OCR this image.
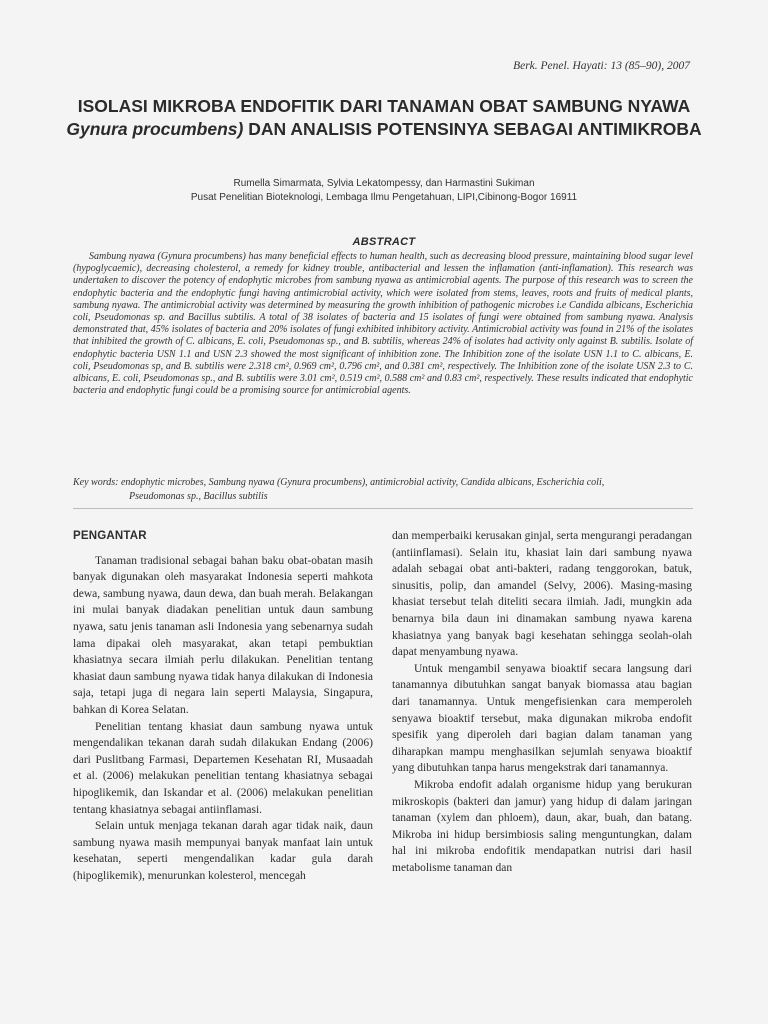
Berk. Penel. Hayati: 13 (85–90), 2007
ISOLASI MIKROBA ENDOFITIK DARI TANAMAN OBAT SAMBUNG NYAWA Gynura procumbens) DAN ANALISIS POTENSINYA SEBAGAI ANTIMIKROBA
Rumella Simarmata, Sylvia Lekatompessy, dan Harmastini Sukiman
Pusat Penelitian Bioteknologi, Lembaga Ilmu Pengetahuan, LIPI,Cibinong-Bogor 16911
ABSTRACT

Sambung nyawa (Gynura procumbens) has many beneficial effects to human health, such as decreasing blood pressure, maintaining blood sugar level (hypoglycaemic), decreasing cholesterol, a remedy for kidney trouble, antibacterial and lessen the inflamation (anti-inflamation). This research was undertaken to discover the potency of endophytic microbes from sambung nyawa as antimicrobial agents. The purpose of this research was to screen the endophytic bacteria and the endophytic fungi having antimicrobial activity, which were isolated from stems, leaves, roots and fruits of medical plants, sambung nyawa. The antimicrobial activity was determined by measuring the growth inhibition of pathogenic microbes i.e Candida albicans, Escherichia coli, Pseudomonas sp. and Bacillus subtilis. A total of 38 isolates of bacteria and 15 isolates of fungi were obtained from sambung nyawa. Analysis demonstrated that, 45% isolates of bacteria and 20% isolates of fungi exhibited inhibitory activity. Antimicrobial activity was found in 21% of the isolates that inhibited the growth of C. albicans, E. coli, Pseudomonas sp., and B. subtilis, whereas 24% of isolates had activity only against B. subtilis. Isolate of endophytic bacteria USN 1.1 and USN 2.3 showed the most significant of inhibition zone. The Inhibition zone of the isolate USN 1.1 to C. albicans, E. coli, Pseudomonas sp, and B. subtilis were 2.318 cm², 0.969 cm², 0.796 cm², and 0.381 cm², respectively. The Inhibition zone of the isolate USN 2.3 to C. albicans, E. coli, Pseudomonas sp., and B. subtilis were 3.01 cm², 0.519 cm², 0.588 cm² and 0.83 cm², respectively. These results indicated that endophytic bacteria and endophytic fungi could be a promising source for antimicrobial agents.

Key words: endophytic microbes, Sambung nyawa (Gynura procumbens), antimicrobial activity, Candida albicans, Escherichia coli,
Pseudomonas sp., Bacillus subtilis

PENGANTAR

Tanaman tradisional sebagai bahan baku obat-obatan masih banyak digunakan oleh masyarakat Indonesia seperti mahkota dewa, sambung nyawa, daun dewa, dan buah merah. Belakangan ini mulai banyak diadakan penelitian untuk daun sambung nyawa, satu jenis tanaman asli Indonesia yang sebenarnya sudah lama dipakai oleh masyarakat, akan tetapi pembuktian khasiatnya secara ilmiah perlu dilakukan. Penelitian tentang khasiat daun sambung nyawa tidak hanya dilakukan di Indonesia saja, tetapi juga di negara lain seperti Malaysia, Singapura, bahkan di Korea Selatan.

Penelitian tentang khasiat daun sambung nyawa untuk mengendalikan tekanan darah sudah dilakukan Endang (2006) dari Puslitbang Farmasi, Departemen Kesehatan RI, Musaadah et al. (2006) melakukan penelitian tentang khasiatnya sebagai hipoglikemik, dan Iskandar et al. (2006) melakukan penelitian tentang khasiatnya sebagai antiinflamasi.

Selain untuk menjaga tekanan darah agar tidak naik, daun sambung nyawa masih mempunyai banyak manfaat lain untuk kesehatan, seperti mengendalikan kadar gula darah (hipoglikemik), menurunkan kolesterol, mencegah

dan memperbaiki kerusakan ginjal, serta mengurangi peradangan (antiinflamasi). Selain itu, khasiat lain dari sambung nyawa adalah sebagai obat anti-bakteri, radang tenggorokan, batuk, sinusitis, polip, dan amandel (Selvy, 2006). Masing-masing khasiat tersebut telah diteliti secara ilmiah. Jadi, mungkin ada benarnya bila daun ini dinamakan sambung nyawa karena khasiatnya yang banyak bagi kesehatan sehingga seolah-olah dapat menyambung nyawa.

Untuk mengambil senyawa bioaktif secara langsung dari tanamannya dibutuhkan sangat banyak biomassa atau bagian dari tanamannya. Untuk mengefisienkan cara memperoleh senyawa bioaktif tersebut, maka digunakan mikroba endofit spesifik yang diperoleh dari bagian dalam tanaman yang diharapkan mampu menghasilkan sejumlah senyawa bioaktif yang dibutuhkan tanpa harus mengekstrak dari tanamannya.

Mikroba endofit adalah organisme hidup yang berukuran mikroskopis (bakteri dan jamur) yang hidup di dalam jaringan tanaman (xylem dan phloem), daun, akar, buah, dan batang. Mikroba ini hidup bersimbiosis saling menguntungkan, dalam hal ini mikroba endofitik mendapatkan nutrisi dari hasil metabolisme tanaman dan
